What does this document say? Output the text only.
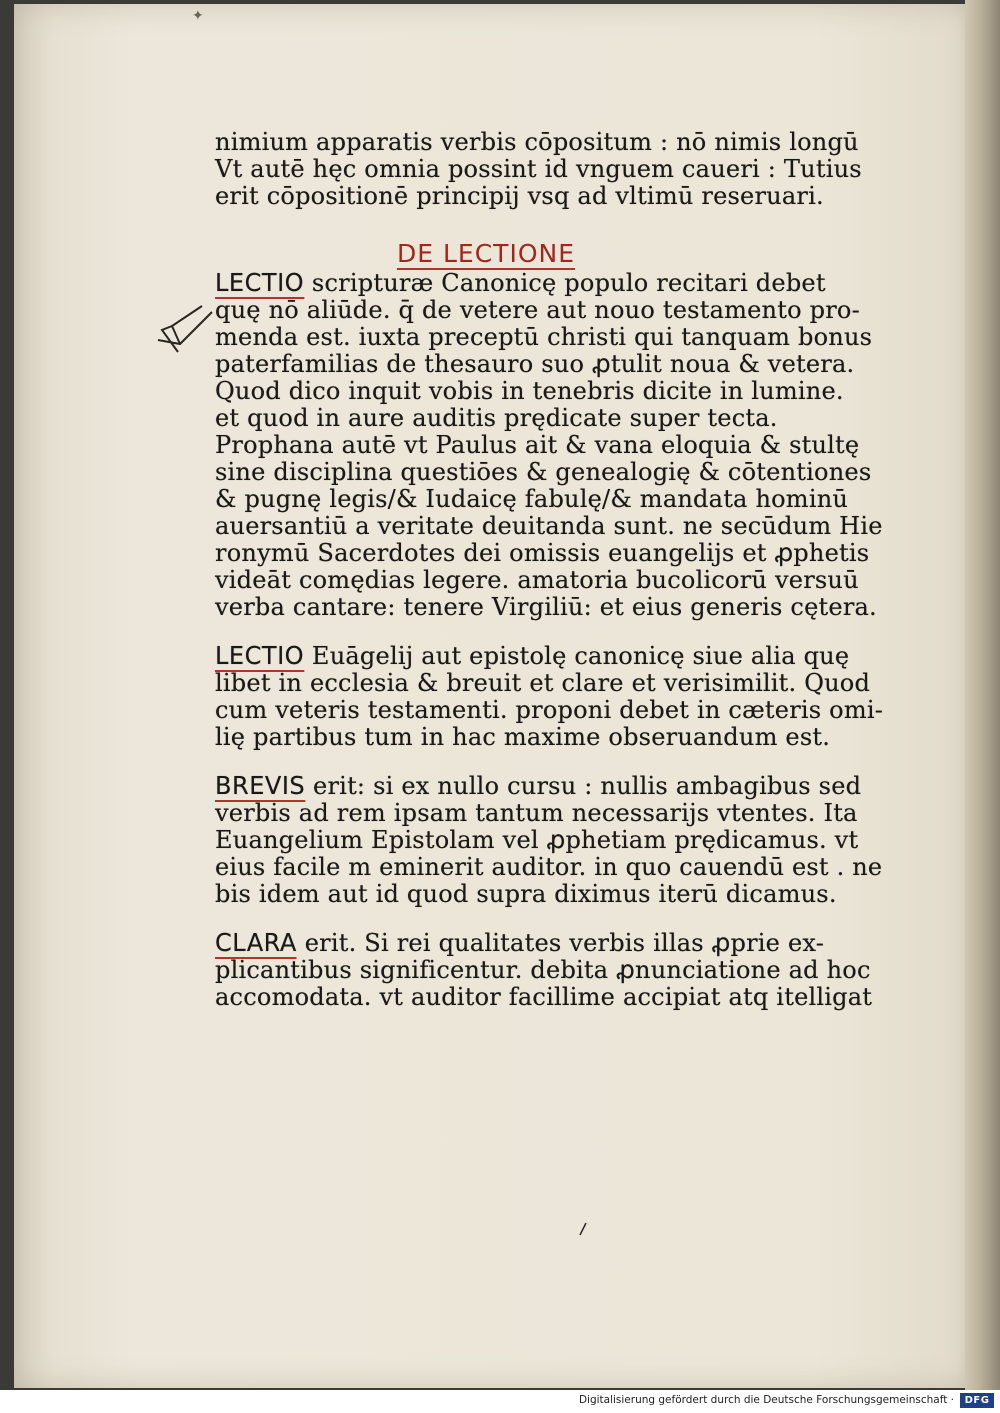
✦
nimium apparatis verbis cōpositum : nō nimis longū
Vt autē hęc omnia possint id vnguem caueri : Tutius
erit cōpositionē principij vsq ad vltimū reseruari.
DE LECTIONE
LECTIO scripturæ Canonicę populo recitari debet
quę nō aliūde. q̄ de vetere aut nouo testamento pro-
menda est. iuxta preceptū christi qui tanquam bonus
paterfamilias de thesauro suo ꝓtulit noua & vetera.
Quod dico inquit vobis in tenebris dicite in lumine.
et quod in aure auditis prędicate super tecta.
Prophana autē vt Paulus ait & vana eloquia & stultę
sine disciplina questiōes & genealogię & cōtentiones
& pugnę legis/& Iudaicę fabulę/& mandata hominū
auersantiū a veritate deuitanda sunt. ne secūdum Hie
ronymū Sacerdotes dei omissis euangelijs et ꝓphetis
videāt comędias legere. amatoria bucolicorū versuū
verba cantare: tenere Virgiliū: et eius generis cętera.
LECTIO Euāgelij aut epistolę canonicę siue alia quę
libet in ecclesia & breuit et clare et verisimilit. Quod
cum veteris testamenti. proponi debet in cæteris omi-
lię partibus tum in hac maxime obseruandum est.
BREVIS erit: si ex nullo cursu : nullis ambagibus sed
verbis ad rem ipsam tantum necessarijs vtentes. Ita
Euangelium Epistolam vel ꝓphetiam prędicamus. vt
eius facile m eminerit auditor. in quo cauendū est . ne
bis idem aut id quod supra diximus iterū dicamus.
CLARA erit. Si rei qualitates verbis illas ꝓprie ex-
plicantibus significentur. debita ꝓnunciatione ad hoc
accomodata. vt auditor facillime accipiat atq itelligat
Digitalisierung gefördert durch die Deutsche Forschungsgemeinschaft ·	DFG
